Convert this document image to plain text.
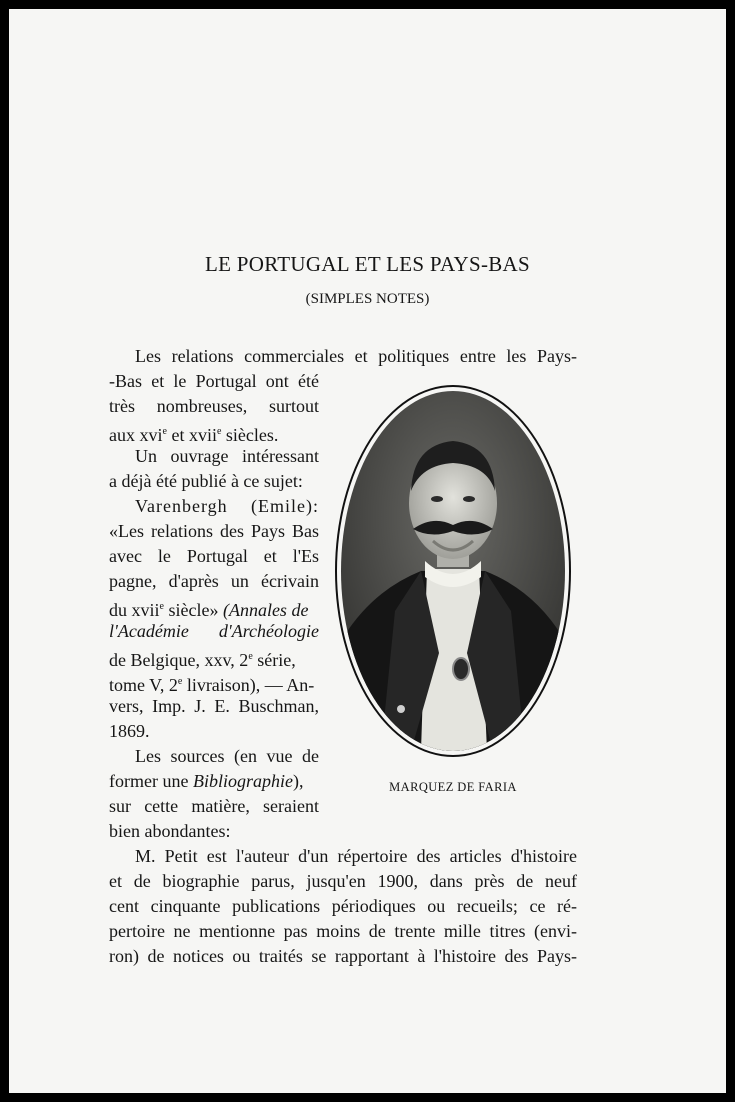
LE PORTUGAL ET LES PAYS-BAS
(SIMPLES NOTES)
Les relations commerciales et politiques entre les Pays-
-Bas et le Portugal ont été
très nombreuses, surtout
aux xvi$^e$ et xvii$^e$ siècles.
Un ouvrage intéressant
a déjà été publié à ce sujet:
Varenbergh (Emile):
«Les relations des Pays Bas
avec le Portugal et l'Es
pagne, d'après un écrivain
du xvii$^e$ siècle» (Annales de
l'Académie d'Archéologie
de Belgique, xxv, 2e série,
tome V, 2e livraison), — An-
vers, Imp. J. E. Buschman,
1869.
Les sources (en vue de
former une Bibliographie),
sur cette matière, seraient
bien abondantes:
M. Petit est l'auteur d'un répertoire des articles d'histoire
et de biographie parus, jusqu'en 1900, dans près de neuf
cent cinquante publications périodiques ou recueils; ce ré-
pertoire ne mentionne pas moins de trente mille titres (envi-
ron) de notices ou traités se rapportant à l'histoire des Pays-
MARQUEZ DE FARIA
